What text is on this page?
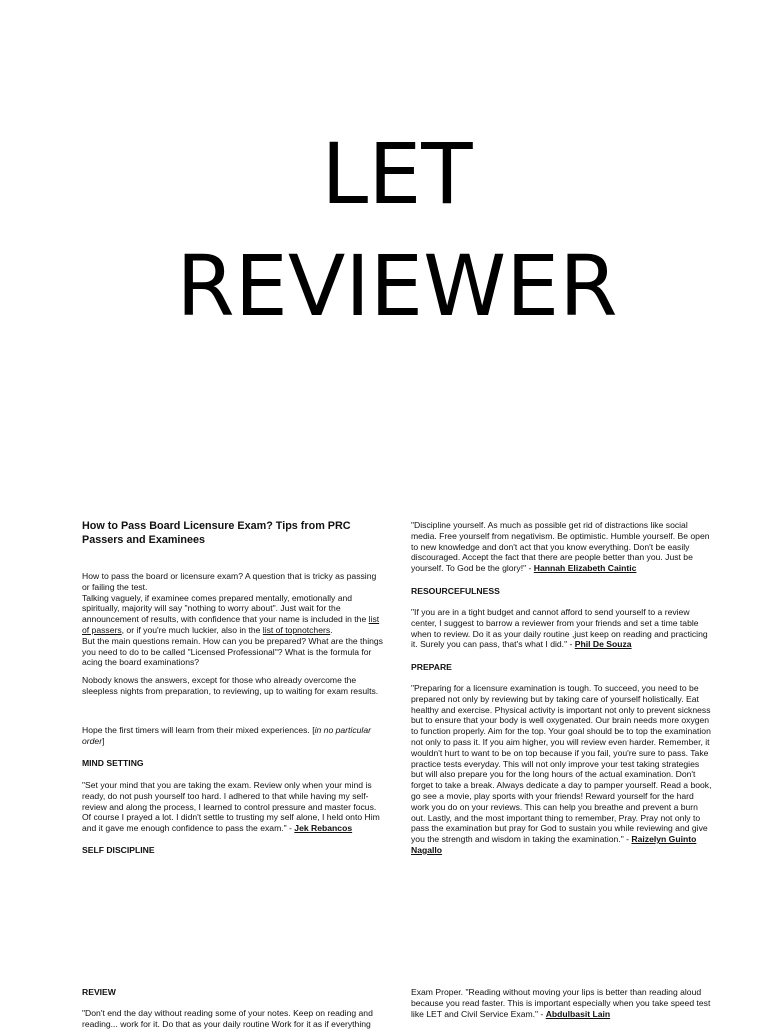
LET
REVIEWER

How to Pass Board Licensure Exam? Tips from PRC Passers and Examinees

How to pass the board or licensure exam? A question that is tricky as passing or failing the test.

Talking vaguely, if examinee comes prepared mentally, emotionally and spiritually, majority will say "nothing to worry about". Just wait for the announcement of results, with confidence that your name is included in the list of passers, or if you're much luckier, also in the list of topnotchers.

But the main questions remain. How can you be prepared? What are the things you need to do to be called "Licensed Professional"? What is the formula for acing the board examinations?

Nobody knows the answers, except for those who already overcome the sleepless nights from preparation, to reviewing, up to waiting for exam results.

Hope the first timers will learn from their mixed experiences. [in no particular order]

MIND SETTING

"Set your mind that you are taking the exam. Review only when your mind is ready, do not push yourself too hard. I adhered to that while having my self-review and along the process, I learned to control pressure and master focus. Of course I prayed a lot. I didn't settle to trusting my self alone, I held onto Him and it gave me enough confidence to pass the exam." - Jek Rebancos

SELF DISCIPLINE

REVIEW

"Don't end the day without reading some of your notes. Keep on reading and reading... work for it. Do that as your daily routine Work for it as if everything

"Discipline yourself. As much as possible get rid of distractions like social media. Free yourself from negativism. Be optimistic. Humble yourself. Be open to new knowledge and don't act that you know everything. Don't be easily discouraged. Accept the fact that there are people better than you. Just be yourself. To God be the glory!" - Hannah Elizabeth Caintic

RESOURCEFULNESS

"If you are in a tight budget and cannot afford to send yourself to a review center, I suggest to barrow a reviewer from your friends and set a time table when to review. Do it as your daily routine ,just keep on reading and practicing it. Surely you can pass, that's what I did." - Phil De Souza

PREPARE

"Preparing for a licensure examination is tough. To succeed, you need to be prepared not only by reviewing but by taking care of yourself holistically. Eat healthy and exercise. Physical activity is important not only to prevent sickness but to ensure that your body is well oxygenated. Our brain needs more oxygen to function properly. Aim for the top. Your goal should be to top the examination not only to pass it. If you aim higher, you will review even harder. Remember, it wouldn't hurt to want to be on top because if you fail, you're sure to pass. Take practice tests everyday. This will not only improve your test taking strategies but will also prepare you for the long hours of the actual examination. Don't forget to take a break. Always dedicate a day to pamper yourself. Read a book, go see a movie, play sports with your friends! Reward yourself for the hard work you do on your reviews. This can help you breathe and prevent a burn out. Lastly, and the most important thing to remember, Pray. Pray not only to pass the examination but pray for God to sustain you while reviewing and give you the strength and wisdom in taking the examination." - Raizelyn Guinto Nagallo

Exam Proper. "Reading without moving your lips is better than reading aloud because you read faster. This is important especially when you take speed test like LET and Civil Service Exam." - Abdulbasit Lain
